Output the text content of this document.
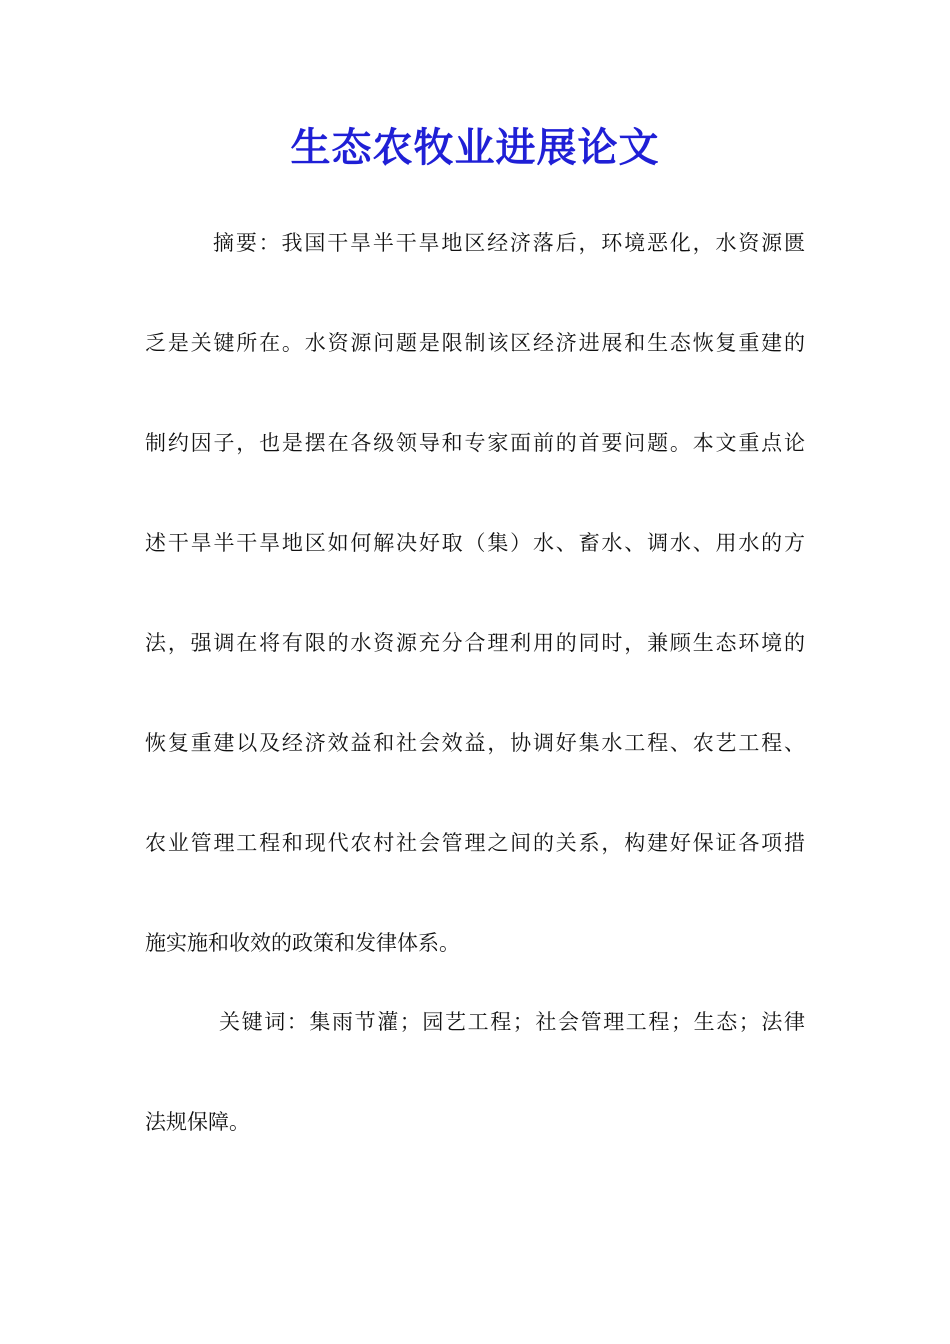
生态农牧业进展论文
摘要：我国干旱半干旱地区经济落后，环境恶化，水资源匮
乏是关键所在。水资源问题是限制该区经济进展和生态恢复重建的
制约因子，也是摆在各级领导和专家面前的首要问题。本文重点论
述干旱半干旱地区如何解决好取（集）水、畜水、调水、用水的方
法，强调在将有限的水资源充分合理利用的同时，兼顾生态环境的
恢复重建以及经济效益和社会效益，协调好集水工程、农艺工程、
农业管理工程和现代农村社会管理之间的关系，构建好保证各项措
施实施和收效的政策和发律体系。
关键词：集雨节灌；园艺工程；社会管理工程；生态；法律
法规保障。
